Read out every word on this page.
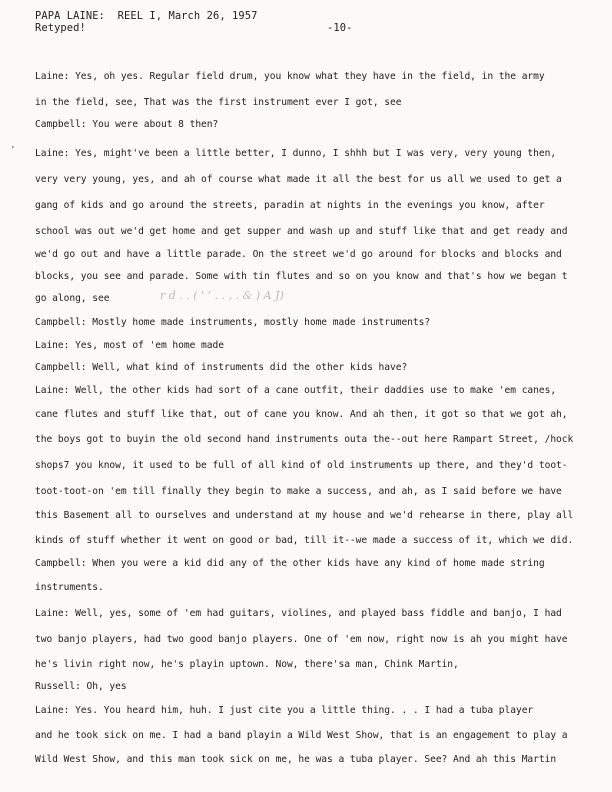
PAPA LAINE:  REEL I, March 26, 1957
Retyped!	-10-
’
Laine: Yes, oh yes. Regular field drum, you know what they have in the field, in the army
in the field, see, That was the first instrument ever I got, see
Campbell: You were about 8 then?
Laine: Yes, might've been a little better, I dunno, I shhh but I was very, very young then,
very very young, yes, and ah of course what made it all the best for us all we used to get a
gang of kids and go around the streets, paradin at nights in the evenings you know, after
school was out we'd get home and get supper and wash up and stuff like that and get ready and
we'd go out and have a little parade. On the street we'd go around for blocks and blocks and
blocks, you see and parade. Some with tin flutes and so on you know and that's how we began t
go along, see
Campbell: Mostly home made instruments, mostly home made instruments?
Laine: Yes, most of 'em home made
Campbell: Well, what kind of instruments did the other kids have?
Laine: Well, the other kids had sort of a cane outfit, their daddies use to make 'em canes,
cane flutes and stuff like that, out of cane you know. And ah then, it got so that we got ah,
the boys got to buyin the old second hand instruments outa the--out here Rampart Street, /hock
shops7 you know, it used to be full of all kind of old instruments up there, and they'd toot-
toot-toot-on 'em till finally they begin to make a success, and ah, as I said before we have
this Basement all to ourselves and understand at my house and we'd rehearse in there, play all
kinds of stuff whether it went on good or bad, till it--we made a success of it, which we did.
Campbell: When you were a kid did any of the other kids have any kind of home made string
instruments.
Laine: Well, yes, some of 'em had guitars, violines, and played bass fiddle and banjo, I had
two banjo players, had two good banjo players. One of 'em now, right now is ah you might have
he's livin right now, he's playin uptown. Now, there'sa man, Chink Martin,
Russell: Oh, yes
Laine: Yes. You heard him, huh. I just cite you a little thing. . . I had a tuba player
and he took sick on me. I had a band playin a Wild West Show, that is an engagement to play a
Wild West Show, and this man took sick on me, he was a tuba player. See? And ah this Martin
r d . . ( ' ’ . . , . & ) A J)
